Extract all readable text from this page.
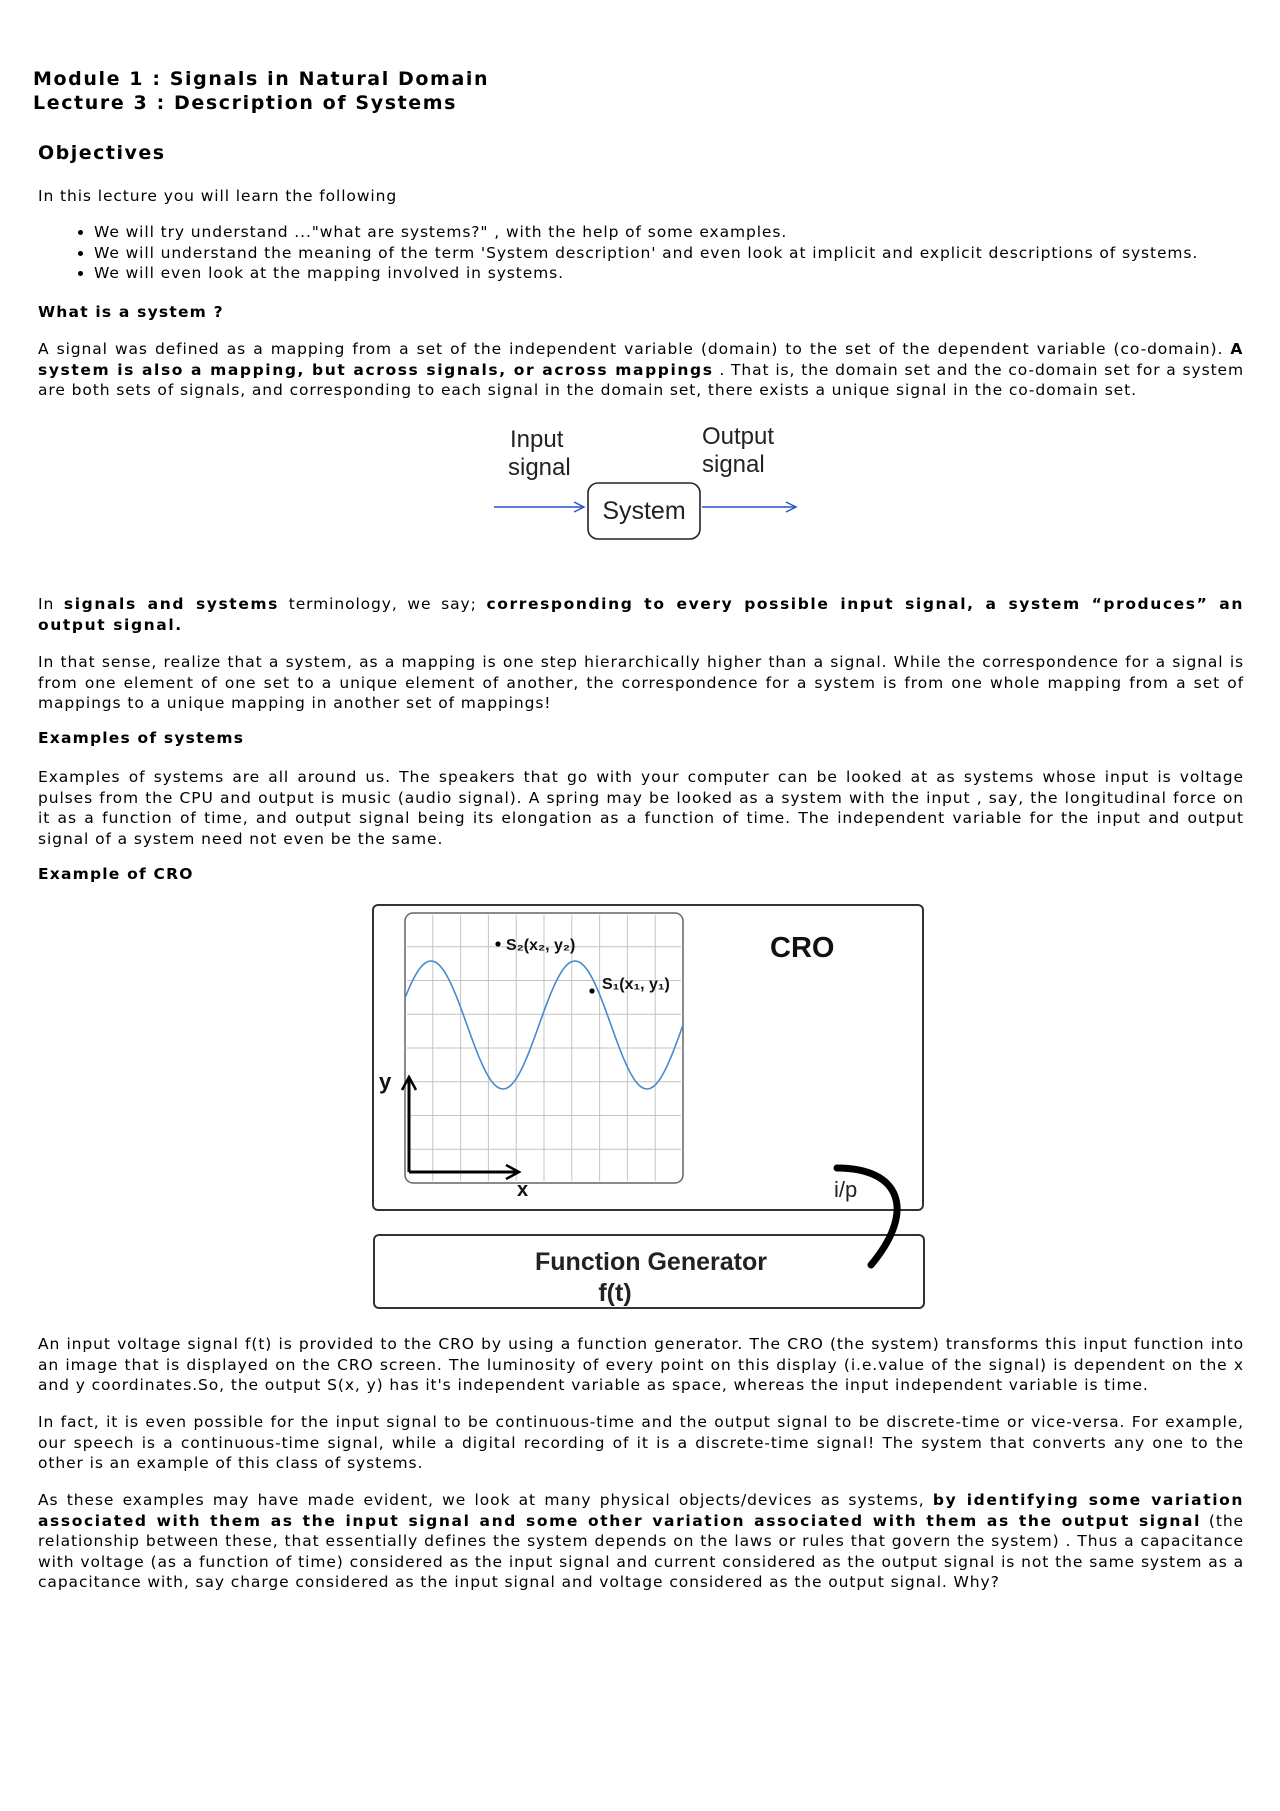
Module 1 : Signals in Natural Domain
Lecture 3 : Description of Systems
Objectives

In this lecture you will learn the following

• We will try understand ..."what are systems?" , with the help of some examples.
• We will understand the meaning of the term 'System description' and even look at implicit and explicit descriptions of systems.
• We will even look at the mapping involved in systems.
What is a system ?

A signal was defined as a mapping from a set of the independent variable (domain) to the set of the dependent variable (co-domain). A system is also a mapping, but across signals, or across mappings . That is, the domain set and the co-domain set for a system are both sets of signals, and corresponding to each signal in the domain set, there exists a unique signal in the co-domain set.

Input
signal
Output
signal
System

In signals and systems terminology, we say; corresponding to every possible input signal, a system “produces” an output signal.

In that sense, realize that a system, as a mapping is one step hierarchically higher than a signal. While the correspondence for a signal is from one element of one set to a unique element of another, the correspondence for a system is from one whole mapping from a set of mappings to a unique mapping in another set of mappings!

Examples of systems

Examples of systems are all around us. The speakers that go with your computer can be looked at as systems whose input is voltage pulses from the CPU and output is music (audio signal). A spring may be looked as a system with the input , say, the longitudinal force on it as a function of time, and output signal being its elongation as a function of time. The independent variable for the input and output signal of a system need not even be the same.

Example of CRO
S₂(x₂, y₂)
S₁(x₁, y₁)
CRO
y
x	i/p
Function Generator
f(t)

An input voltage signal f(t) is provided to the CRO by using a function generator. The CRO (the system) transforms this input function into an image that is displayed on the CRO screen. The luminosity of every point on this display (i.e.value of the signal) is dependent on the x and y coordinates.So, the output S(x, y) has it's independent variable as space, whereas the input independent variable is time.

In fact, it is even possible for the input signal to be continuous-time and the output signal to be discrete-time or vice-versa. For example, our speech is a continuous-time signal, while a digital recording of it is a discrete-time signal! The system that converts any one to the other is an example of this class of systems.

As these examples may have made evident, we look at many physical objects/devices as systems, by identifying some variation associated with them as the input signal and some other variation associated with them as the output signal (the relationship between these, that essentially defines the system depends on the laws or rules that govern the system) . Thus a capacitance with voltage (as a function of time) considered as the input signal and current considered as the output signal is not the same system as a capacitance with, say charge considered as the input signal and voltage considered as the output signal. Why?
